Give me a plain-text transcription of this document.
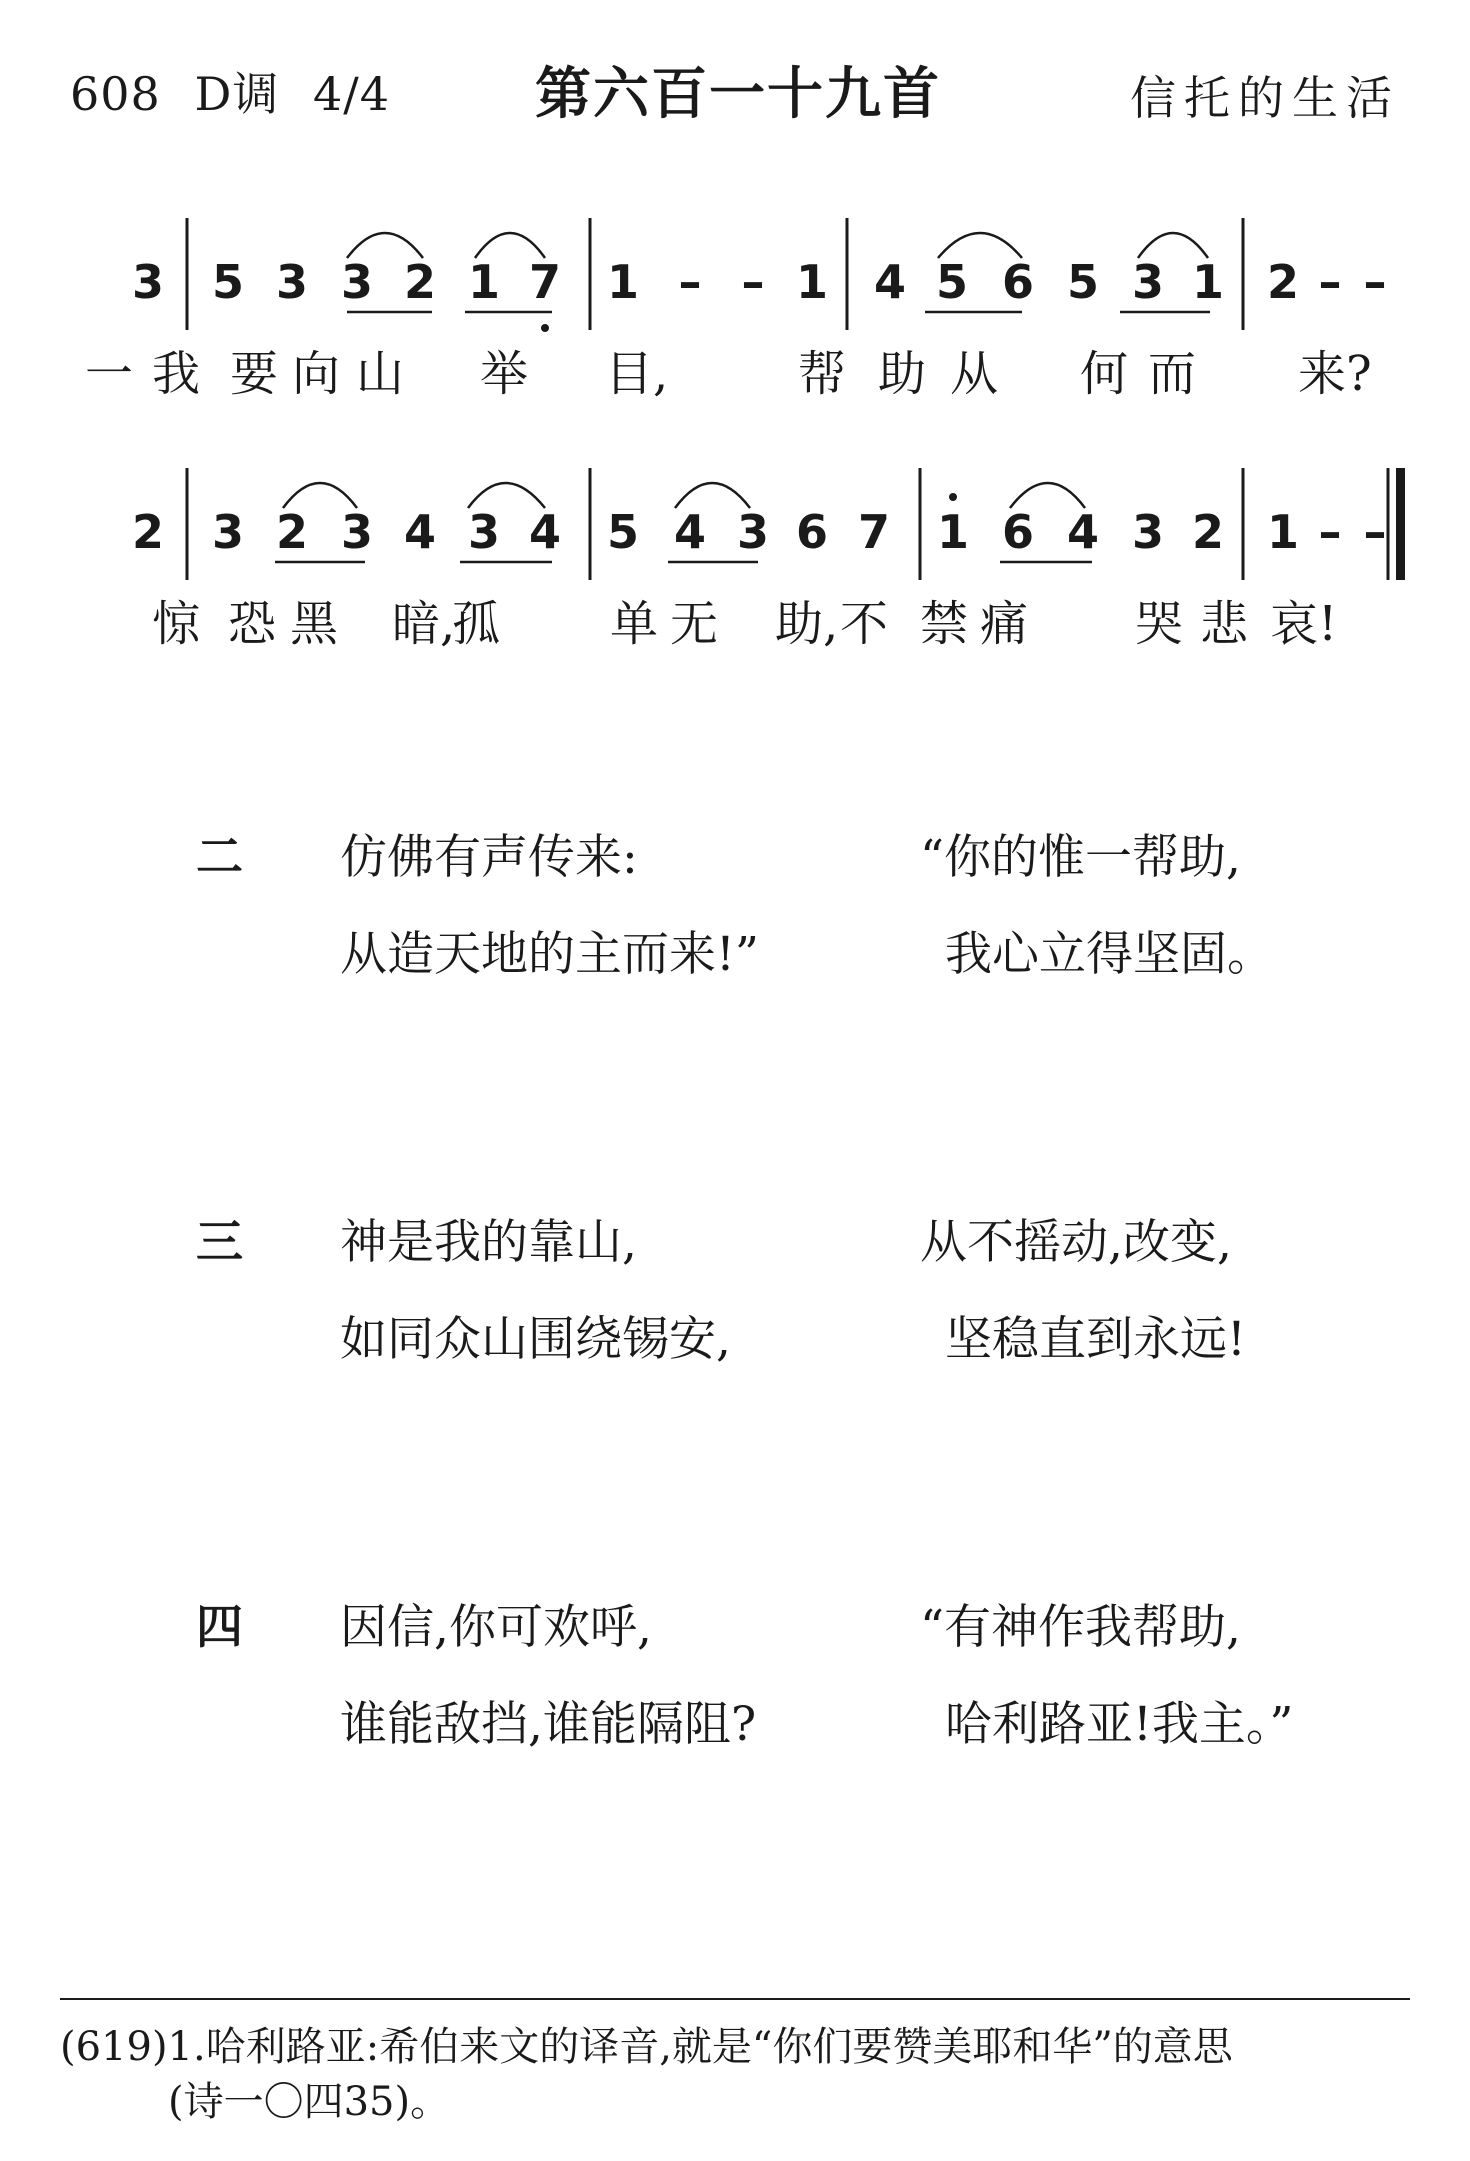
608 D调 4/4	第六百一十九首	信托的生活
3 5 3 3 2 1 7 1 – – 1 4 5 6 5 3 1 2 – –
一 我 要 向 山 举 目,	帮 助 从 何 而 来?
2 3 2 3 4 3 4 5 4 3 6 7 1 6 4 3 2 1 – –
惊 恐 黑 暗,
孤 单 无 助, 不 禁 痛 哭 悲 哀!
二 仿佛有声传来:	“你的惟一帮助,
从造天地的主而来!”	我心立得坚固。
三 神是我的靠山,	从不摇动,改变,
如同众山围绕锡安,	坚稳直到永远!
四 因信,你可欢呼,	“有神作我帮助,
谁能敌挡,谁能隔阻?	哈利路亚!我主。”
(619)1.哈利路亚:希伯来文的译音,就是“你们要赞美耶和华”的意思
(诗一〇四35)。
